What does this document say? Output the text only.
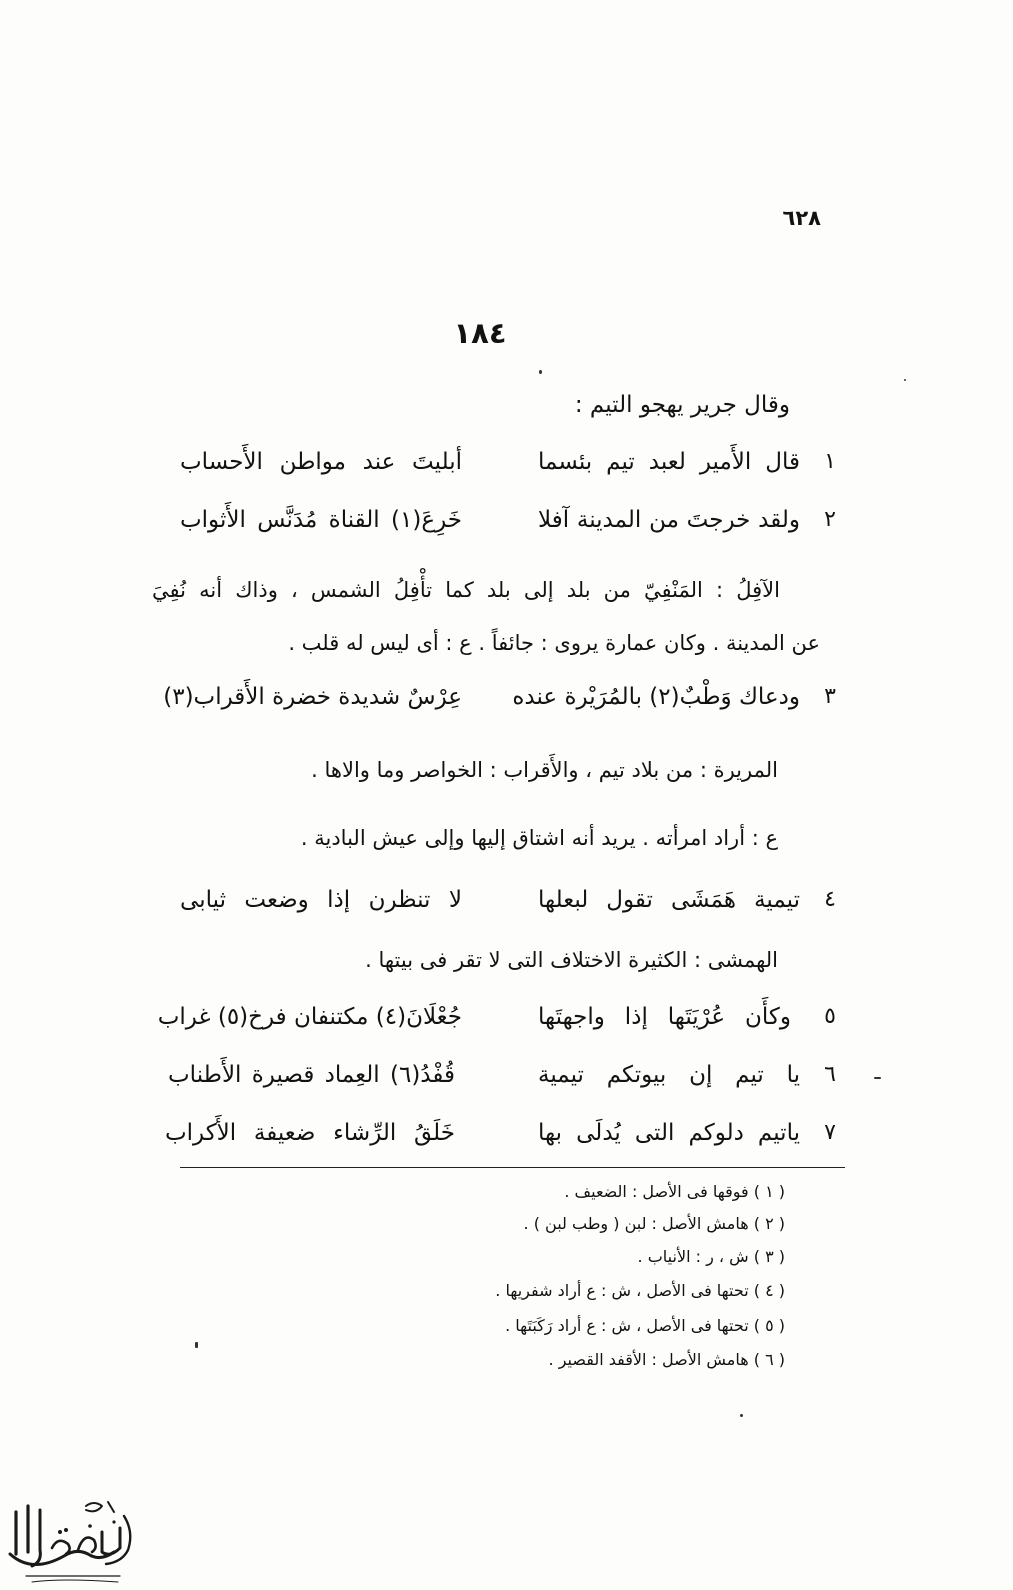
٦٢٨
١٨٤
وقال جرير يهجو التيم :
١
قال
الأَمير
لعبد
تيم
بئسما
أبليتَ
عند
مواطن
الأَحساب
٢
ولقد
خرجتَ
من
المدينة
آفلا
خَرِعَ(١)
القناة
مُدَنَّس
الأَثواب
الآفِلُ
:
المَنْفِيّ
من
بلد
إلى
بلد
كما
تأْفِلُ
الشمس
،
وذاك
أنه
نُفِيَ
عن المدينة . وكان عمارة يروى : جائفاً . ع : أى ليس له قلب .
٣
ودعاك
وَطْبٌ(٢)
بالمُرَيْرة
عنده
عِرْسٌ
شديدة
خضرة
الأَقراب(٣)
المريرة : من بلاد تيم ، والأَقراب : الخواصر وما والاها .
ع : أراد امرأته . يريد أنه اشتاق إليها وإلى عيش البادية .
٤
تيمية
هَمَشَى
تقول
لبعلها
لا
تنظرن
إذا
وضعت
ثيابى
الهمشى : الكثيرة الاختلاف التى لا تقر فى بيتها .
٥
وكأَن
عُرْيَتَها
إذا
واجهتَها
جُعْلَانَ(٤)
مكتنفان
فرخ(٥)
غراب
٦
يا
تيم
إن
بيوتكم
تيمية
قُفْدُ(٦)
العِماد
قصيرة
الأَطناب
٧
ياتيم
دلوكم
التى
يُدلَى
بها
خَلَقُ
الرِّشاء
ضعيفة
الأَكراب
( ١ ) فوقها فى الأصل : الضعيف .
( ٢ ) هامش الأصل : لبن ( وطب لبن ) .
( ٣ ) ش ، ر : الأنياب .
( ٤ ) تحتها فى الأصل ، ش : ع أراد شفريها .
( ٥ ) تحتها فى الأصل ، ش : ع أراد رَكَبَتَها .
( ٦ ) هامش الأصل : الأقفد القصير .
